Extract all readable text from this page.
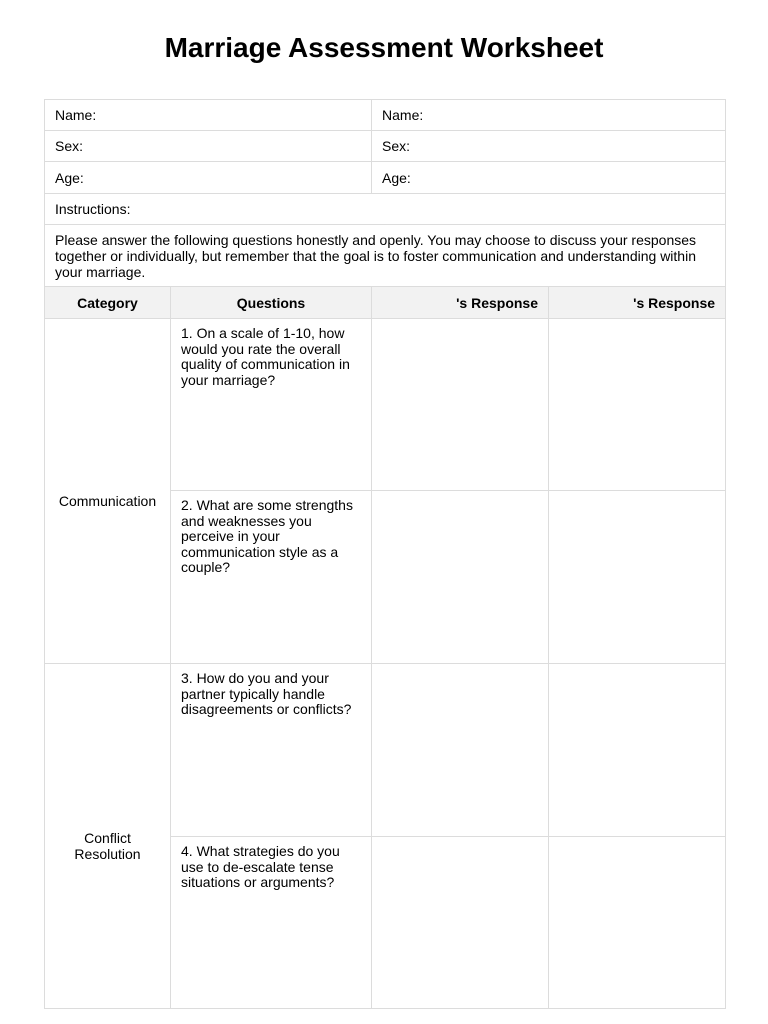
Marriage Assessment Worksheet
Name:		Name:	
Sex:		Sex:	
Age:		Age:	
Instructions:			
Please answer the following questions honestly and openly. You may choose to discuss your responses together or individually, but remember that the goal is to foster communication and understanding within your marriage.			
Category	Questions	's Response	's Response
Communication	1. On a scale of 1-10, how would you rate the overall quality of communication in your marriage?		
	2. What are some strengths and weaknesses you perceive in your communication style as a couple?		
Conflict Resolution	3. How do you and your partner typically handle disagreements or conflicts?		
	4. What strategies do you use to de-escalate tense situations or arguments?		
